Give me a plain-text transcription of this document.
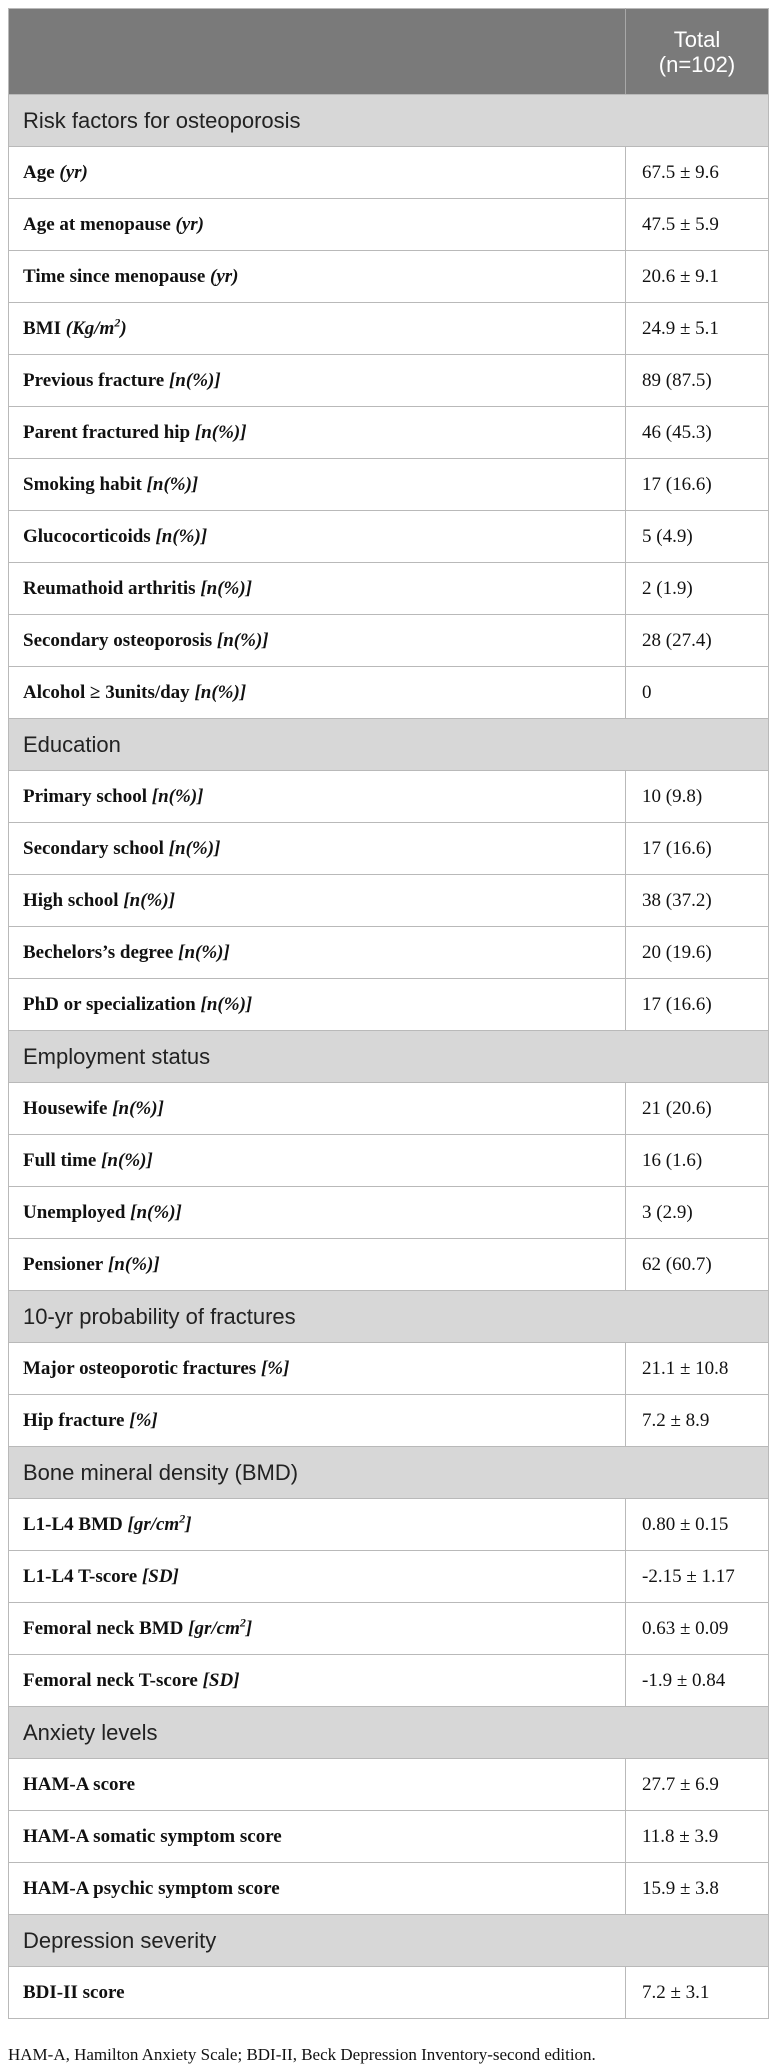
	Total
(n=102)

Risk factors for osteoporosis	
Age (yr)	67.5 ± 9.6
Age at menopause (yr)	47.5 ± 5.9
Time since menopause (yr)	20.6 ± 9.1
BMI $(Kg/m^2)$	24.9 ± 5.1
Previous fracture [n(%)]	89 (87.5)
Parent fractured hip [n(%)]	46 (45.3)
Smoking habit [n(%)]	17 (16.6)
Glucocorticoids [n(%)]	5 (4.9)
Reumathoid arthritis [n(%)]	2 (1.9)
Secondary osteoporosis [n(%)]	28 (27.4)
Alcohol ≥ 3units/day [n(%)]	0
Education	
Primary school [n(%)]	10 (9.8)
Secondary school [n(%)]	17 (16.6)
High school [n(%)]	38 (37.2)
Bechelors’s degree [n(%)]	20 (19.6)
PhD or specialization [n(%)]	17 (16.6)
Employment status	
Housewife [n(%)]	21 (20.6)
Full time [n(%)]	16 (1.6)
Unemployed [n(%)]	3 (2.9)
Pensioner [n(%)]	62 (60.7)
10-yr probability of fractures	
Major osteoporotic fractures [%]	21.1 ± 10.8
Hip fracture [%]	7.2 ± 8.9
Bone mineral density (BMD)	
L1-L4 BMD $[gr/cm^2]$	0.80 ± 0.15
L1-L4 T-score [SD]	-2.15 ± 1.17
Femoral neck BMD $[gr/cm^2]$	0.63 ± 0.09
Femoral neck T-score [SD]	-1.9 ± 0.84
Anxiety levels	
HAM-A score	27.7 ± 6.9
HAM-A somatic symptom score	11.8 ± 3.9
HAM-A psychic symptom score	15.9 ± 3.8
Depression severity	
BDI-II score	7.2 ± 3.1
HAM-A, Hamilton Anxiety Scale; BDI-II, Beck Depression Inventory-second edition.
